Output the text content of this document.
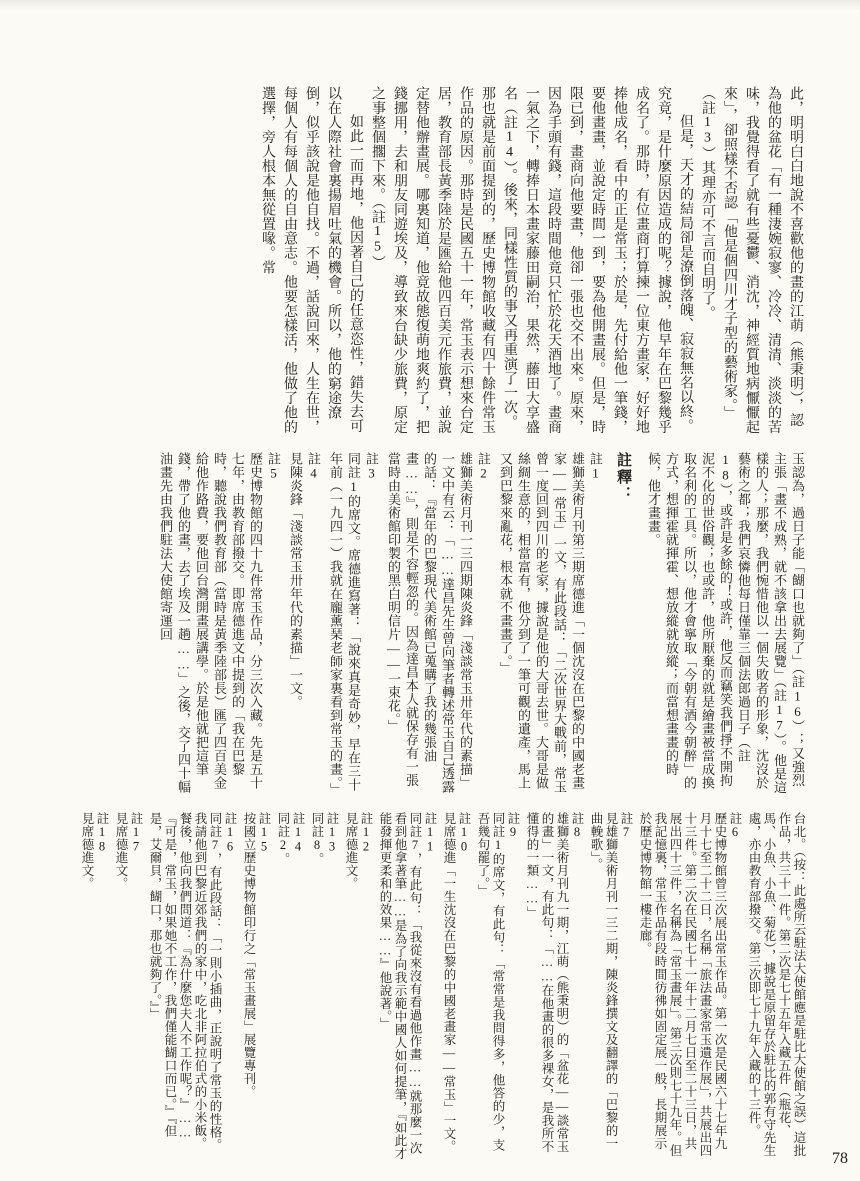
此，明明白白地說不喜歡他的畫的江萌（熊秉明），認為他的盆花「有一種淒婉寂寥、冷冷、清清、淡淡的苦味，我覺得看了就有些憂鬱、消沈，神經質地病懨懨起來」，卻照樣不否認「他是個四川才子型的藝術家。」（註13）其理亦可不言而自明了。

但是，天才的結局卻是潦倒落魄、寂寂無名以終。究竟，是什麼原因造成的呢？據說，他早年在巴黎幾乎成名了。那時，有位畫商打算揀一位東方畫家，好好地捧他成名，看中的正是常玉；於是，先付給他一筆錢，要他畫畫，並說定時間一到，要為他開畫展。但是，時限已到，畫商向他要畫，他卻一張也交不出來。原來，因為手頭有錢，這段時間他竟只忙於花天酒地了。畫商一氣之下，轉捧日本畫家藤田嗣治，果然，藤田大享盛名（註14）。後來，同樣性質的事又再重演了一次。那也就是前面提到的，歷史博物館收藏有四十餘件常玉作品的原因。那時是民國五十一年，常玉表示想來台定居，教育部長黃季陸於是匯給他四百美元作旅費，並說定替他辦畫展。哪裏知道，他竟故態復萌地爽約了，把錢挪用，去和朋友同遊埃及，導致來台缺少旅費，原定之事整個擱下來。（註15）

如此一而再地，他因著自己的任意恣性，錯失去可以在人際社會裏揚眉吐氣的機會。所以，他的窮途潦倒，似乎該說是他自找。不過，話說回來，人生在世，每個人有每個人的自由意志。他要怎樣活，他做了他的選擇，旁人根本無從置喙。常

玉認為，過日子能「餬口也就夠了」（註16）；又強烈主張「畫不成熟，就不該拿出去展覽」（註17）。他是這樣的人；那麼，我們惋惜他以一個失敗者的形象，沈沒於藝術之都；我們哀憐他每日僅靠三個法郎過日子（註18），或許是多餘的！或許，他反而竊笑我們掙不開拘泥不化的世俗觀；也或許，他所厭棄的就是繪畫被當成換取名利的工具。所以，他才會寧取「今朝有酒今朝醉」的方式，想揮霍就揮霍、想放縱就放縱；而當想畫畫的時候，他才畫畫。

註釋：
註1
雄獅美術月刊第三期席德進「一個沈沒在巴黎的中國老畫家——常玉」一文，有此段話：「二次世界大戰前，常玉曾一度回到四川的老家，據說是他的大哥去世。大哥是做絲綢生意的，相當富有，他分到了一筆可觀的遺產，馬上又到巴黎來亂花，根本就不畫畫了。」
註2
雄獅美術月刊一三四期陳炎鋒「淺談常玉卅年代的素描」一文中有云：「……達昌先生曾向筆者轉述常玉自己透露的話：『當年的巴黎現代美術館已蒐購了我的幾張油畫……』，則是不容輕忽的。因為達昌本人就保存有一張當時由美術館印製的黑白明信片——一束花。」
註3
同註1的席文。席德進寫著：「說來真是奇妙，早在三十年前（一九四一）我就在龐薰琹老師家裏看到常玉的畫。」
註4
見陳炎鋒「淺談常玉卅年代的素描」一文。
註5
歷史博物館的四十九件常玉作品，分三次入藏。先是五十七年，由教育部撥交。即席德進文中提到的「我在巴黎時，聽說我們教育部（當時是黃季陸部長）匯了四百美金給他作路費，要他回台灣開畫展講學。於是他就把這筆錢，帶了他的畫，去了埃及一趟……」之後，交了四十幅油畫先由我們駐法大使館寄運回

台北。（按：此處所云駐法大使館應是駐比大使館之誤）這批作品，共三十一件。第二次是七十五年入藏五件（瓶花、馬、小魚、小魚、菊花），據說是原留存於駐比的郭有守先生處，亦由教育部撥交。第三次即七十九年入藏的十三件。

註6
歷史博物館曾三次展出常玉作品。第一次是民國六十七年九月十七至二十二日，名稱「旅法畫家常玉遺作展」，共展出四十三件。第二次在民國七十一年十二月七日至二十三日，共展出四十三件，名稱為「常玉畫展」。第三次則七十九年。但我記憶裏，常玉作品有段時間彷彿如固定展一般，長期展示於歷史博物館一樓走廊。
註7
見雄獅美術月刊一三二期，陳炎鋒撰文及翻譯的「巴黎的一曲輓歌」。
註8
雄獅美術月刊九一期，江萌（熊秉明）的「盆花——談常玉的畫」一文，有此句：「……在他畫的很多裸女，是我所不懂得的一類……」
註9
同註1的席文，有此句：「常常是我問得多，他答的少，支吾幾句罷了。」
註10
見席德進「一生沈沒在巴黎的中國老畫家——常玉」一文。
註11
同註7，有此句：「我從來沒有看過他作畫……就那麼一次看到他拿著筆……是為了向我示範中國人如何提筆，『如此才能發揮更柔和的效果……』他說著。」
註12
見席德進文。
註13
同註8。
註14
同註2。
註15
按國立歷史博物館印行之「常玉畫展」展覽專刊。
註16
同註7，有此段話：「一則小插曲，正說明了常玉的性格。我請他到巴黎近郊我們的家中，吃北非阿拉伯式的小米飯。餐後，他向我們問道：『為什麼您夫人不工作呢？』……『可是，常玉，如果她不工作，我們僅能餬口而已。』『但是，艾爾貝，餬口，那也就夠了。』」
註17
見席德進文。
註18
見席德進文。
78
